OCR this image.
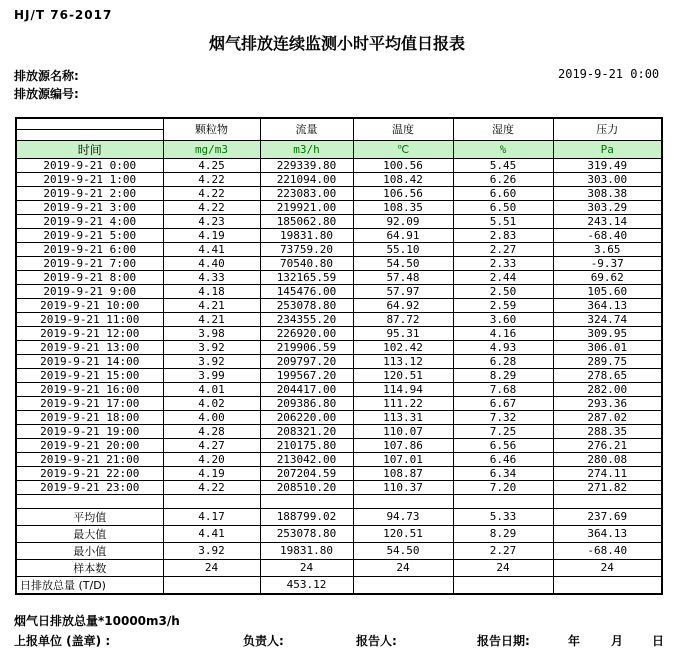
HJ/T 76-2017
烟气排放连续监测小时平均值日报表
排放源名称:
排放源编号:
2019-9-21 0:00
	颗粒物	流量	温度	湿度	压力

时间	mg/m3	m3/h	℃	%	Pa
2019-9-21 0:00	4.25	229339.80	100.56	5.45	319.49
2019-9-21 1:00	4.22	221094.00	108.42	6.26	303.00
2019-9-21 2:00	4.22	223083.00	106.56	6.60	308.38
2019-9-21 3:00	4.22	219921.00	108.35	6.50	303.29
2019-9-21 4:00	4.23	185062.80	92.09	5.51	243.14
2019-9-21 5:00	4.19	19831.80	64.91	2.83	-68.40
2019-9-21 6:00	4.41	73759.20	55.10	2.27	3.65
2019-9-21 7:00	4.40	70540.80	54.50	2.33	-9.37
2019-9-21 8:00	4.33	132165.59	57.48	2.44	69.62
2019-9-21 9:00	4.18	145476.00	57.97	2.50	105.60
2019-9-21 10:00	4.21	253078.80	64.92	2.59	364.13
2019-9-21 11:00	4.21	234355.20	87.72	3.60	324.74
2019-9-21 12:00	3.98	226920.00	95.31	4.16	309.95
2019-9-21 13:00	3.92	219906.59	102.42	4.93	306.01
2019-9-21 14:00	3.92	209797.20	113.12	6.28	289.75
2019-9-21 15:00	3.99	199567.20	120.51	8.29	278.65
2019-9-21 16:00	4.01	204417.00	114.94	7.68	282.00
2019-9-21 17:00	4.02	209386.80	111.22	6.67	293.36
2019-9-21 18:00	4.00	206220.00	113.31	7.32	287.02
2019-9-21 19:00	4.28	208321.20	110.07	7.25	288.35
2019-9-21 20:00	4.27	210175.80	107.86	6.56	276.21
2019-9-21 21:00	4.20	213042.00	107.01	6.46	280.08
2019-9-21 22:00	4.19	207204.59	108.87	6.34	274.11
2019-9-21 23:00	4.22	208510.20	110.37	7.20	271.82

平均值	4.17	188799.02	94.73	5.33	237.69
最大值	4.41	253078.80	120.51	8.29	364.13
最小值	3.92	19831.80	54.50	2.27	-68.40
样本数	24	24	24	24	24
日排放总量 (T/D)		453.12			
烟气日排放总量*10000m3/h
上报单位 (盖章) :	负责人:	报告人:	报告日期:	年	月 日
